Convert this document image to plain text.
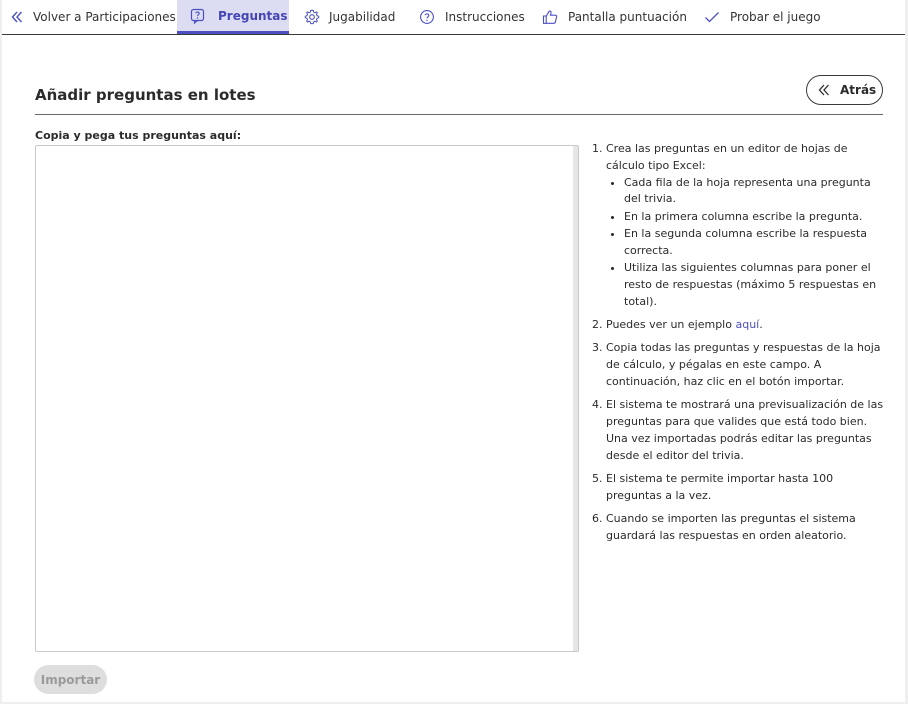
Volver a Participaciones	Preguntas	Jugabilidad	Instrucciones	Pantalla puntuación	Probar el juego
Añadir preguntas en lotes	Atrás
Copia y pega tus preguntas aquí:
Importar
1. Crea las preguntas en un editor de hojas de cálculo tipo Excel:
• Cada fila de la hoja representa una pregunta del trivia.
• En la primera columna escribe la pregunta.
• En la segunda columna escribe la respuesta correcta.
• Utiliza las siguientes columnas para poner el resto de respuestas (máximo 5 respuestas en total).
2. Puedes ver un ejemplo aquí.
3. Copia todas las preguntas y respuestas de la hoja de cálculo, y pégalas en este campo. A continuación, haz clic en el botón importar.
4. El sistema te mostrará una previsualización de las preguntas para que valides que está todo bien. Una vez importadas podrás editar las preguntas desde el editor del trivia.
5. El sistema te permite importar hasta 100 preguntas a la vez.
6. Cuando se importen las preguntas el sistema guardará las respuestas en orden aleatorio.
